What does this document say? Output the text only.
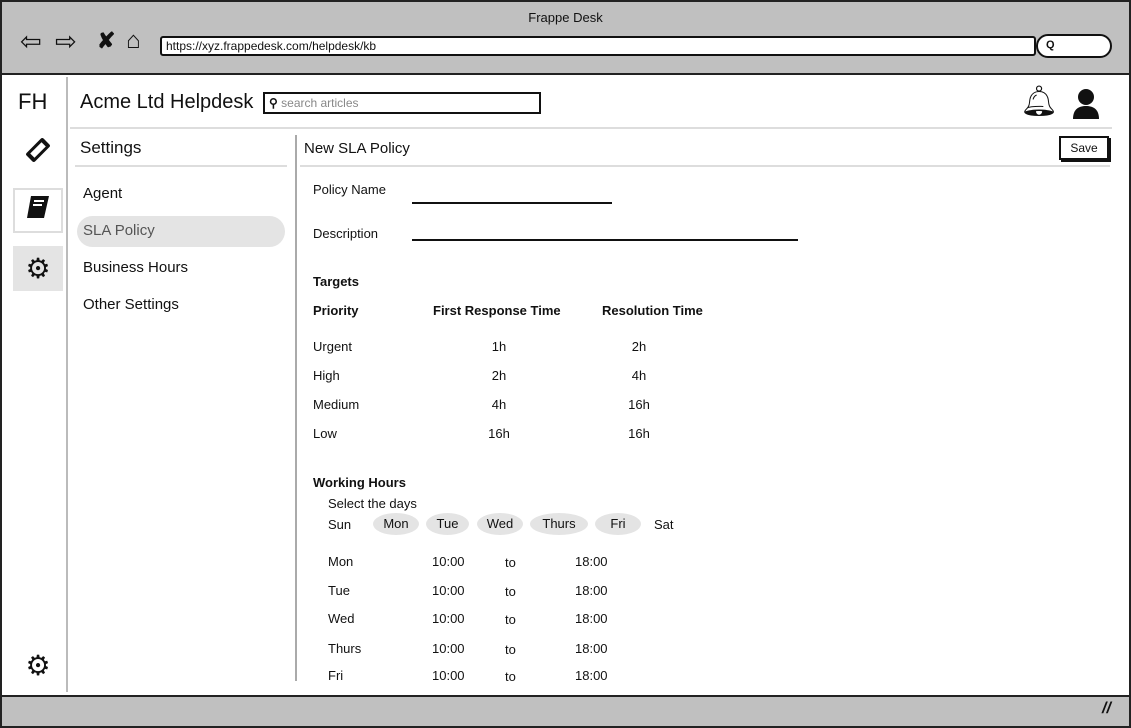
Frappe Desk
⇦ ⇨ ✘ ⌂	https://xyz.frappedesk.com/helpdesk/kb	Q
FH
⚙
⚙
Acme Ltd Helpdesk	⚲ search articles	🔔︎
Settings
Agent
SLA Policy
Business Hours
Other Settings
New SLA Policy	Save
Policy Name
Description
Targets
Priority	First Response Time	Resolution Time
Urgent	1h	2h
High	2h	4h
Medium	4h	16h
Low	16h	16h
Working Hours
Select the days
Sun	Mon	Tue	Wed	Thurs	Fri	Sat
Mon	10:00	to	18:00
Tue	10:00	to	18:00
Wed	10:00	to	18:00
Thurs	10:00	to	18:00
Fri	10:00	to	18:00
//
